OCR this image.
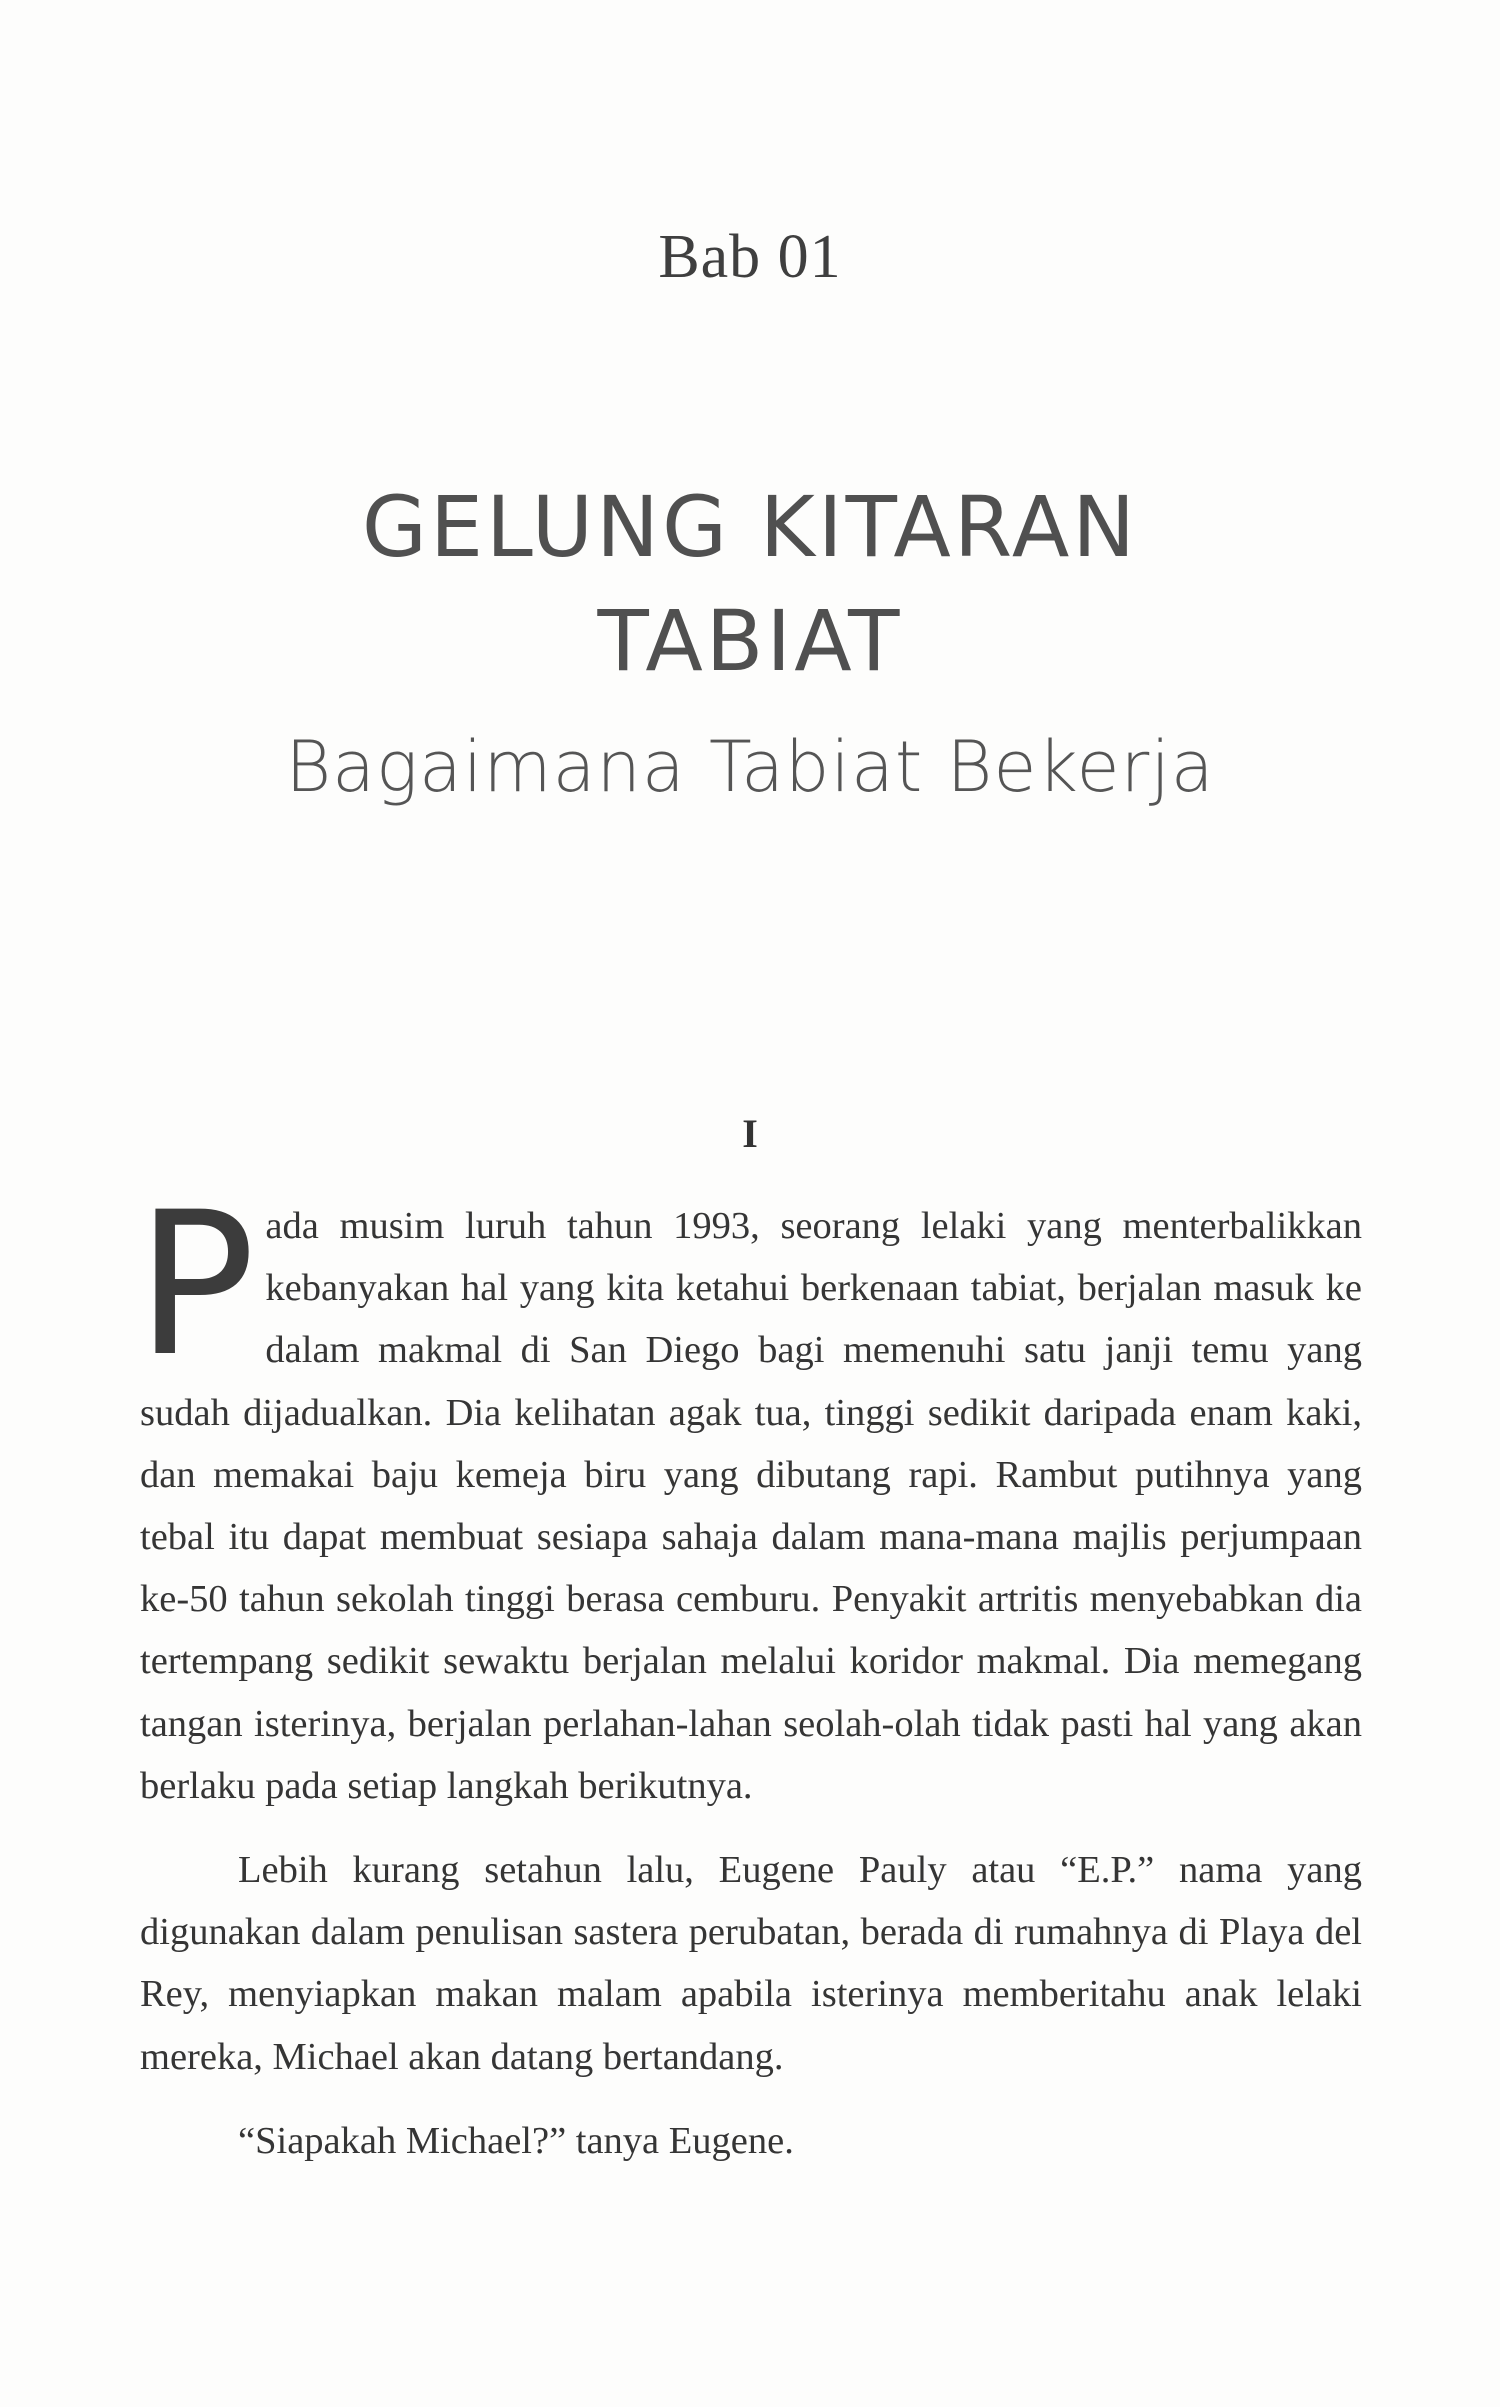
Bab 01
GELUNG KITARAN
TABIAT
Bagaimana Tabiat Bekerja
I

Pada musim luruh tahun 1993, seorang lelaki yang menterbalikkan kebanyakan hal yang kita ketahui berkenaan tabiat, berjalan masuk ke dalam makmal di San Diego bagi memenuhi satu janji temu yang sudah dijadualkan. Dia kelihatan agak tua, tinggi sedikit daripada enam kaki, dan memakai baju kemeja biru yang dibutang rapi. Rambut putihnya yang tebal itu dapat membuat sesiapa sahaja dalam mana-mana majlis perjumpaan ke-50 tahun sekolah tinggi berasa cemburu. Penyakit artritis menyebabkan dia tertempang sedikit sewaktu berjalan melalui koridor makmal. Dia memegang tangan isterinya, berjalan perlahan-lahan seolah-olah tidak pasti hal yang akan berlaku pada setiap langkah berikutnya.

Lebih kurang setahun lalu, Eugene Pauly atau “E.P.” nama yang digunakan dalam penulisan sastera perubatan, berada di rumahnya di Playa del Rey, menyiapkan makan malam apabila isterinya memberitahu anak lelaki mereka, Michael akan datang bertandang.

“Siapakah Michael?” tanya Eugene.
